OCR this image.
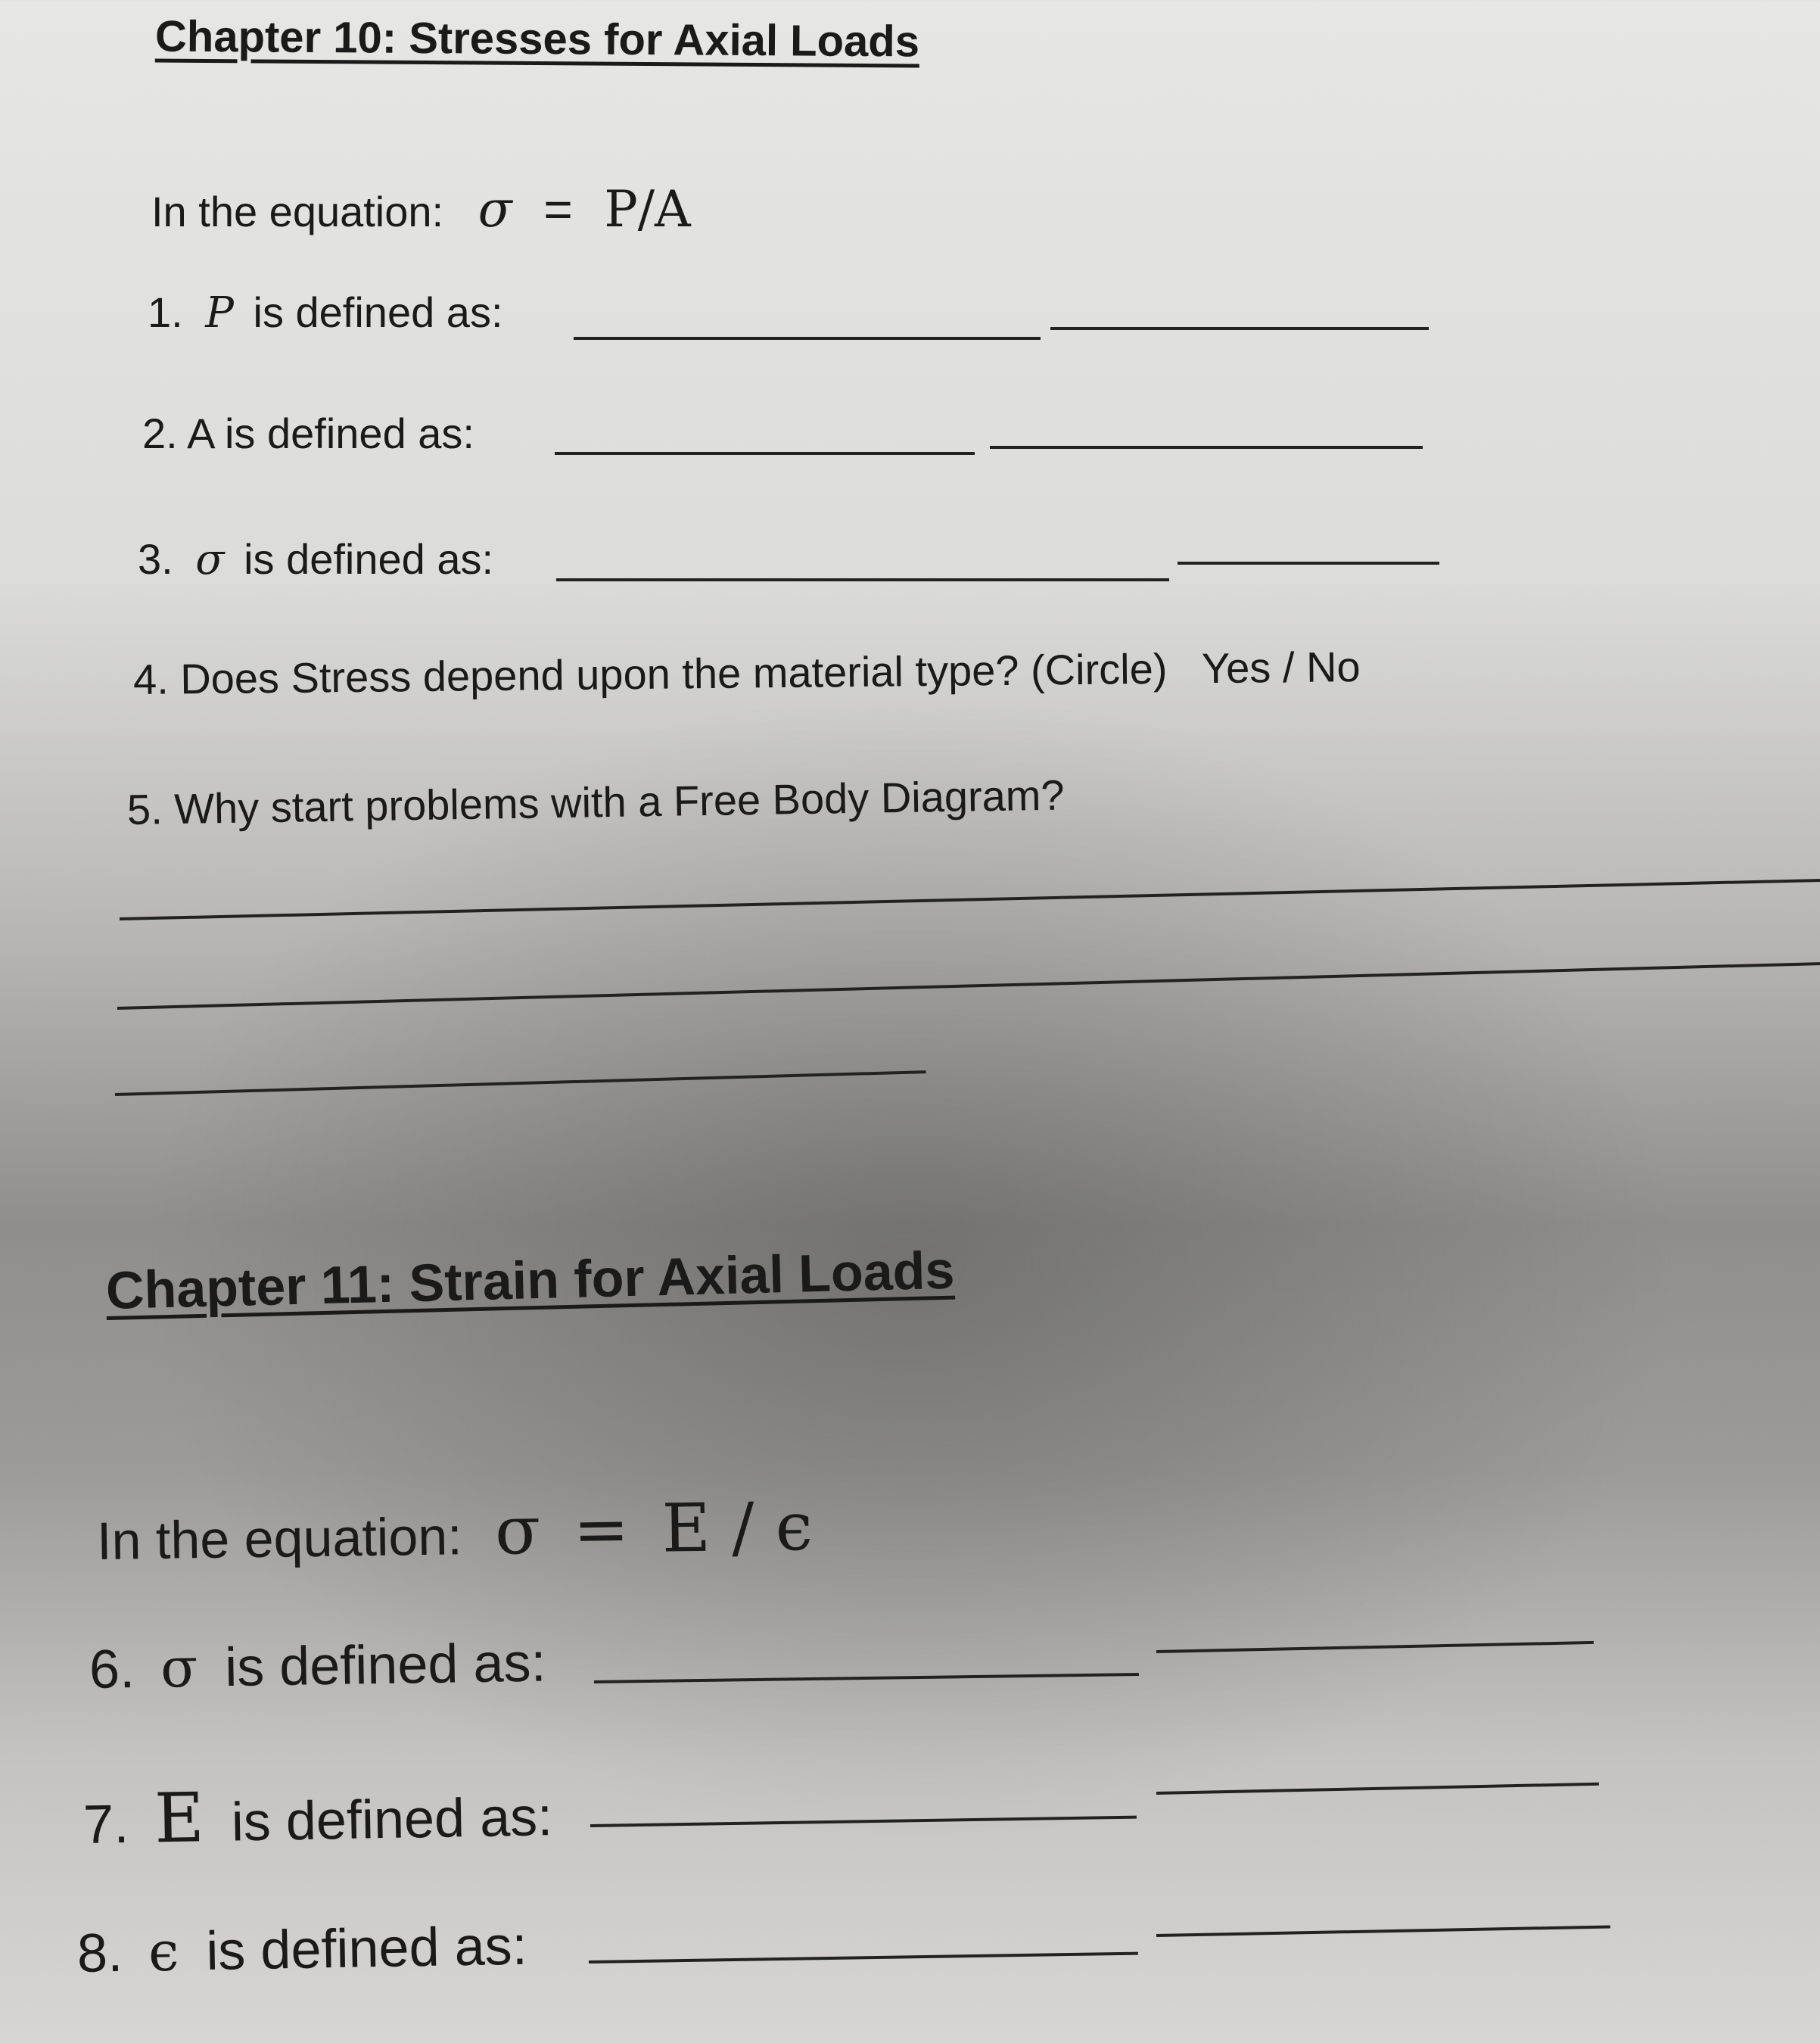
Chapter 10: Stresses for Axial Loads
In the equation: σ = P/A
1. P is defined as:
2. A is defined as:
3. σ is defined as:
4. Does Stress depend upon the material type? (Circle) Yes / No
5. Why start problems with a Free Body Diagram?
Chapter 11: Strain for Axial Loads
In the equation: σ = E / ϵ
6. σ is defined as:
7. E is defined as:
8. ϵ is defined as:
